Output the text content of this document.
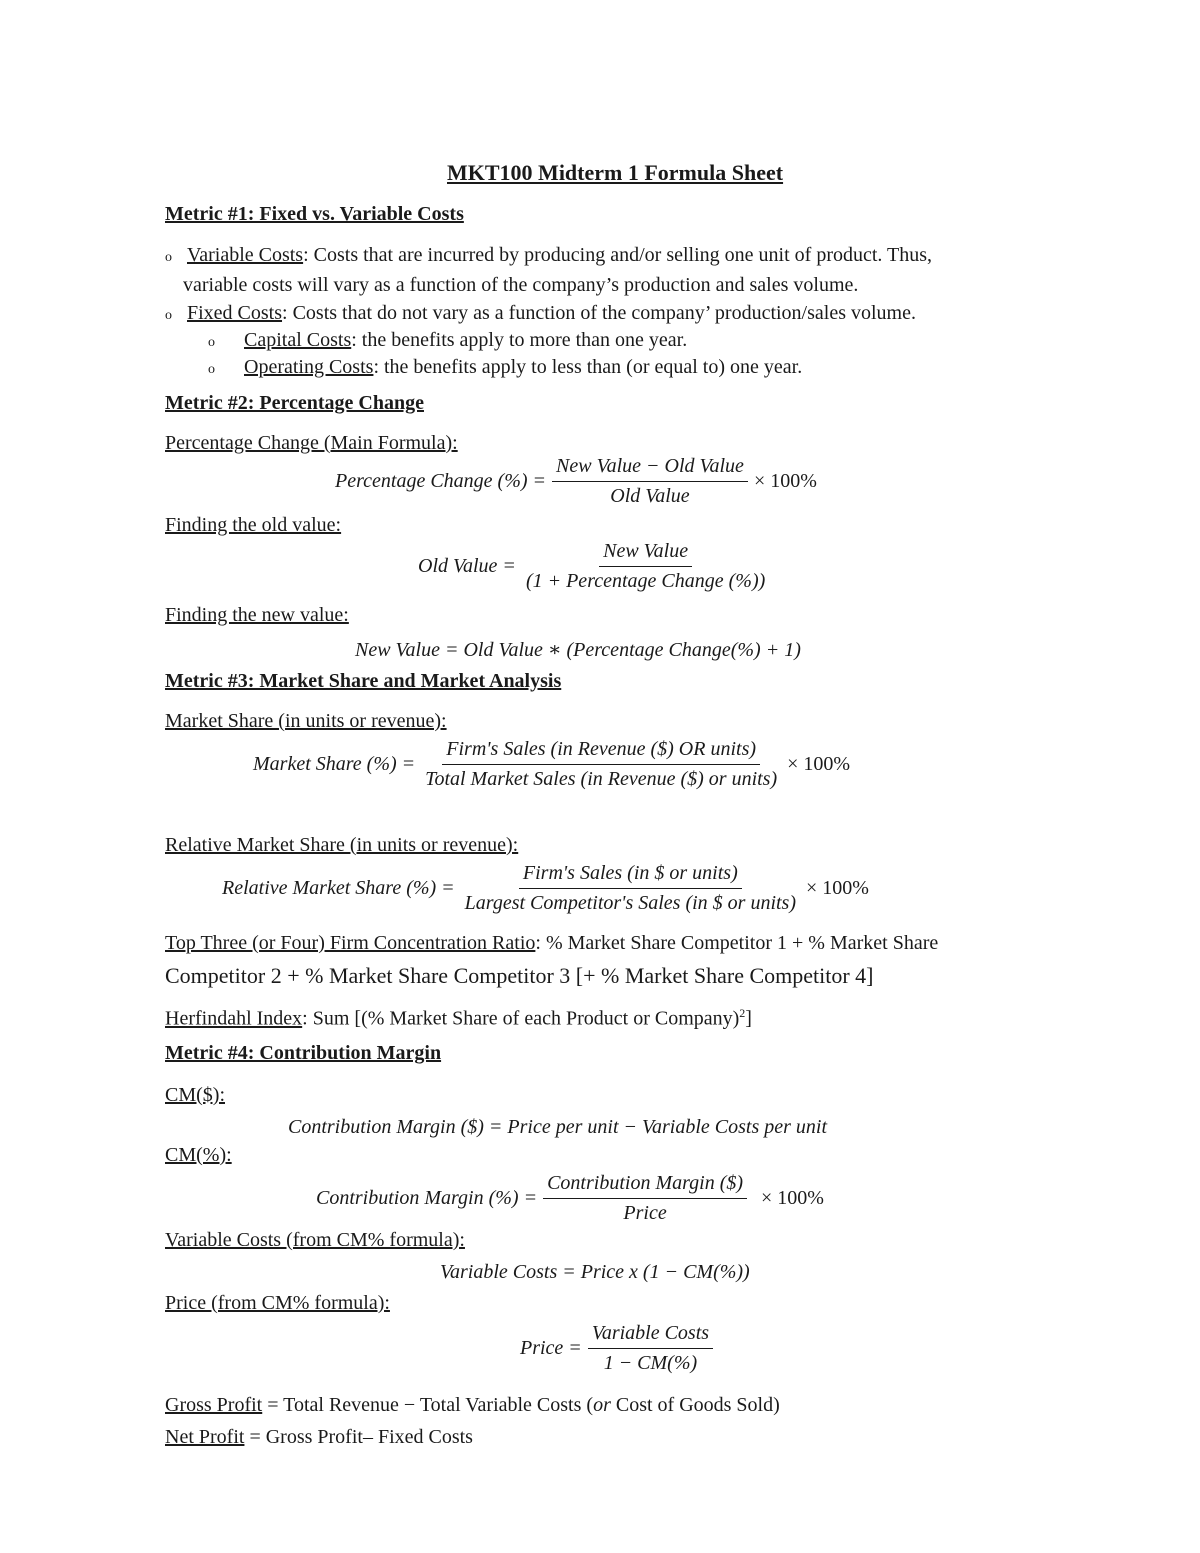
MKT100 Midterm 1 Formula Sheet
Metric #1: Fixed vs. Variable Costs
o Variable Costs: Costs that are incurred by producing and/or selling one unit of product. Thus,
variable costs will vary as a function of the company’s production and sales volume.
o Fixed Costs: Costs that do not vary as a function of the company’ production/sales volume.
o Capital Costs: the benefits apply to more than one year.
o Operating Costs: the benefits apply to less than (or equal to) one year.
Metric #2: Percentage Change
Percentage Change (Main Formula):
Percentage Change (%) = $\frac{\text{New Value − Old Value}}{\text{Old Value}} \times 100\%$
Finding the old value:
Old Value = $\frac{\text{New Value}}{\text{(1 + Percentage Change (\%))}}$
Finding the new value:
New Value = Old Value ∗ (Percentage Change(%) + 1)
Metric #3: Market Share and Market Analysis
Market Share (in units or revenue):
Market Share (%) = $\frac{\text{Firm's Sales (in Revenue (\$) OR units)}}{\text{Total Market Sales (in Revenue (\$) or units)}} \times 100\%$
Relative Market Share (in units or revenue):
Relative Market Share (%) = $\frac{\text{Firm's Sales (in \$ or units)}}{\text{Largest Competitor's Sales (in \$ or units)}} \times 100\%$
Top Three (or Four) Firm Concentration Ratio: % Market Share Competitor 1 + % Market Share
Competitor 2 + % Market Share Competitor 3 [+ % Market Share Competitor 4]
Herfindahl Index: Sum [(% Market Share of each Product or Company)$^2$]
Metric #4: Contribution Margin
CM($):
Contribution Margin ($) = Price per unit − Variable Costs per unit
CM(%):
Contribution Margin (%) = $\frac{\text{Contribution Margin (\$)}}{\text{Price}} \times 100\%$
Variable Costs (from CM% formula):
Variable Costs = Price x (1 − CM(%))
Price (from CM% formula):
Price = $\frac{\text{Variable Costs}}{1 - CM(\%)}$
Gross Profit = Total Revenue − Total Variable Costs (or Cost of Goods Sold)
Net Profit = Gross Profit– Fixed Costs
